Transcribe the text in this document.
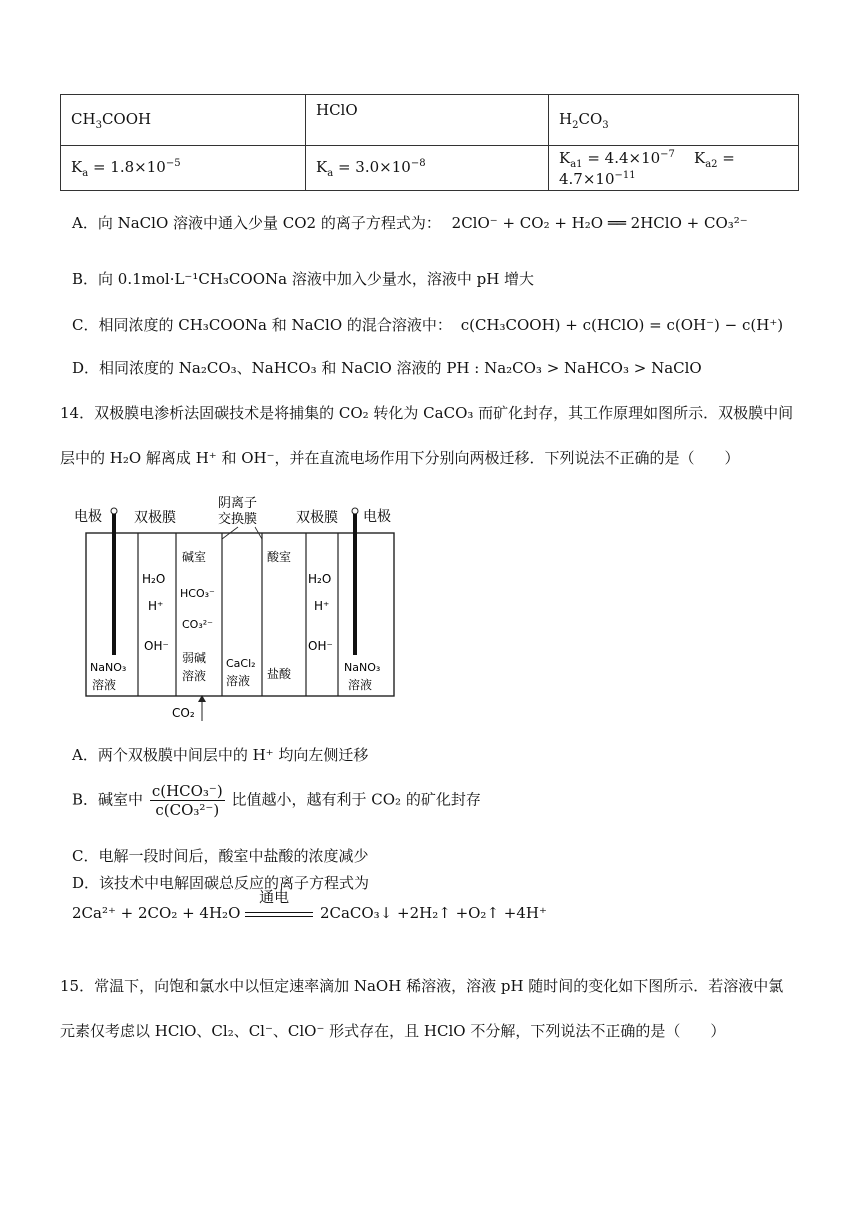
$CH_3COOH$	HClO	$H_2CO_3$
$K_a = 1.8\times 10^{-5}$	$K_a = 3.0\times 10^{-8}$	$K_{a1} = 4.4\times 10^{-7}$    $K_{a2} = 4.7\times 10^{-11}$
A．向 NaClO 溶液中通入少量 CO2 的离子方程式为： 2ClO⁻ + CO₂ + H₂O ══ 2HClO + CO₃²⁻
B．向 0.1mol·L⁻¹CH₃COONa 溶液中加入少量水，溶液中 pH 增大
C．相同浓度的 CH₃COONa 和 NaClO 的混合溶液中： c(CH₃COOH) + c(HClO) = c(OH⁻) − c(H⁺)
D．相同浓度的 Na₂CO₃、NaHCO₃ 和 NaClO 溶液的 PH : Na₂CO₃ > NaHCO₃ > NaClO
14．双极膜电渗析法固碳技术是将捕集的 CO₂ 转化为 CaCO₃ 而矿化封存，其工作原理如图所示．双极膜中间
层中的 H₂O 解离成 H⁺ 和 OH⁻，并在直流电场作用下分别向两极迁移．下列说法不正确的是（　　）
电极	电极
双极膜	双极膜
阴离子
交换膜
H₂O
H⁺
OH⁻
碱室
HCO₃⁻
CO₃²⁻
弱碱
溶液
CaCl₂
溶液
酸室
盐酸
H₂O
H⁺
OH⁻
NaNO₃
溶液
NaNO₃
溶液
CO₂
A．两个双极膜中间层中的 H⁺ 均向左侧迁移
B．碱室中 $\frac{\text{c(HCO₃⁻)}}{\text{c(CO₃²⁻)}}$ 比值越小，越有利于 CO₂ 的矿化封存
C．电解一段时间后，酸室中盐酸的浓度减少
D．该技术中电解固碳总反应的离子方程式为
2Ca²⁺ + 2CO₂ + 4H₂O
通电
2CaCO₃↓ +2H₂↑ +O₂↑ +4H⁺
15．常温下，向饱和氯水中以恒定速率滴加 NaOH 稀溶液，溶液 pH 随时间的变化如下图所示．若溶液中氯
元素仅考虑以 HClO、Cl₂、Cl⁻、ClO⁻ 形式存在，且 HClO 不分解，下列说法不正确的是（　　）
